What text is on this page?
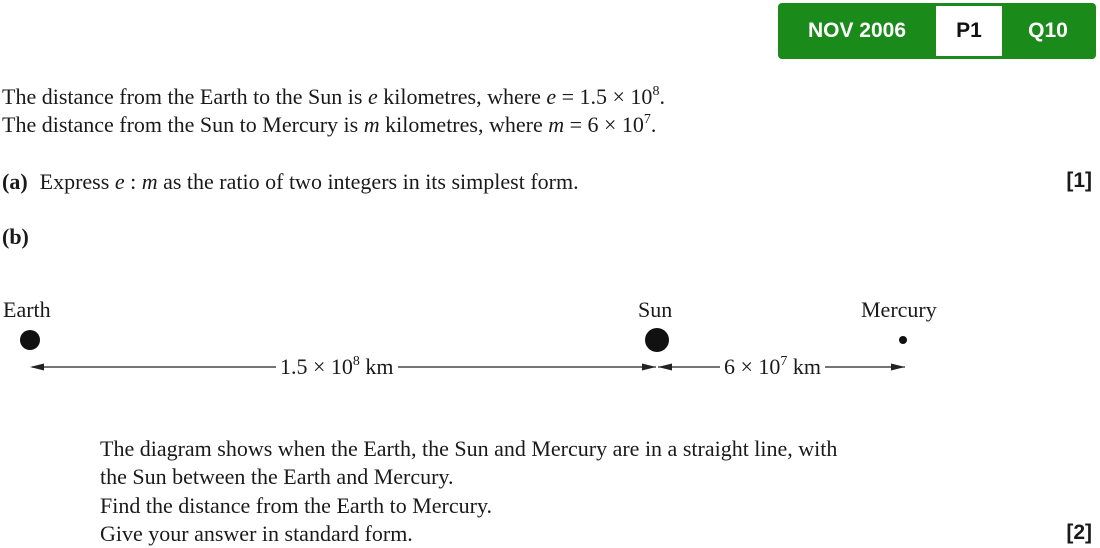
NOV 2006	P1	Q10
The distance from the Earth to the Sun is e kilometres, where $e = 1.5 \times 10^8$.
The distance from the Sun to Mercury is m kilometres, where $m = 6 \times 10^7$.
(a) Express e : m as the ratio of two integers in its simplest form.	[1]
(b)
Earth	Sun	Mercury
$1.5 \times 10^8$ km	$6 \times 10^7$ km
The diagram shows when the Earth, the Sun and Mercury are in a straight line, with
the Sun between the Earth and Mercury.
Find the distance from the Earth to Mercury.
Give your answer in standard form.	[2]
